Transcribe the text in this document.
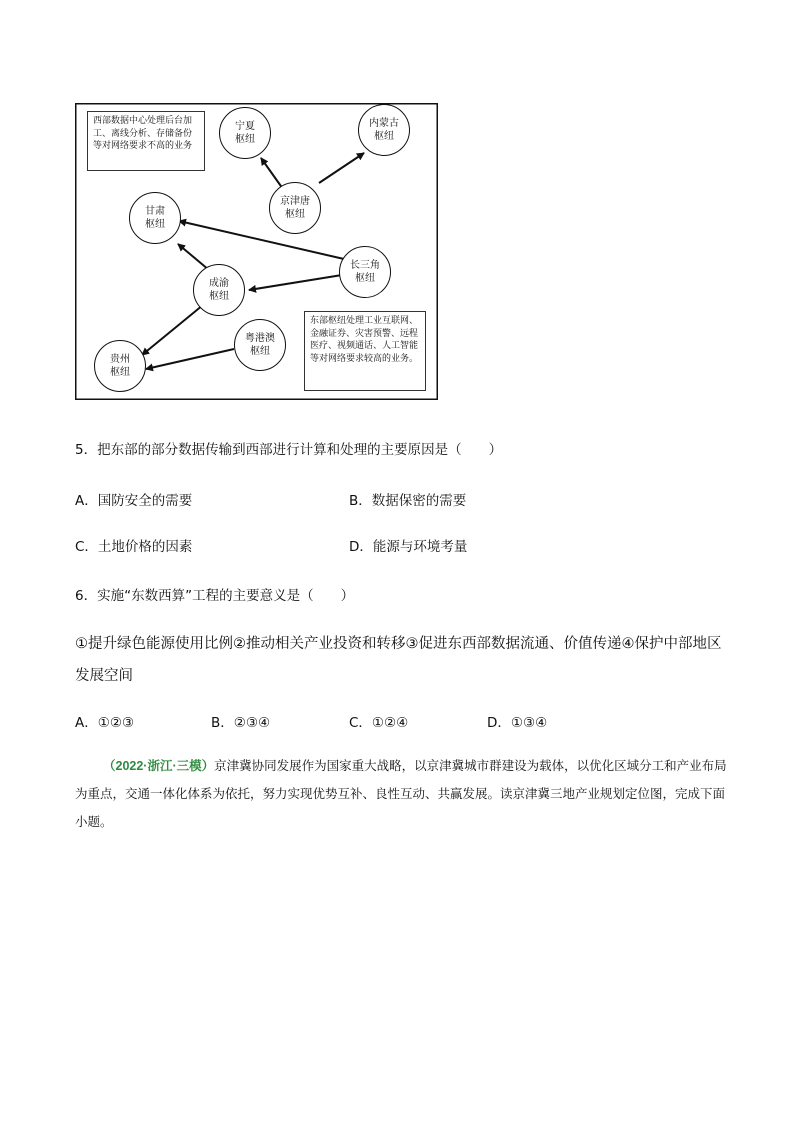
西部数据中心处理后台加工、离线分析、存储备份等对网络要求不高的业务
东部枢纽处理工业互联网、金融证券、灾害预警、远程医疗、视频通话、人工智能等对网络要求较高的业务。
宁夏
枢纽
内蒙古
枢纽
京津唐
枢纽
甘肃
枢纽
长三角
枢纽
成渝
枢纽
粤港澳
枢纽
贵州
枢纽
5．把东部的部分数据传输到西部进行计算和处理的主要原因是（　　）
A．国防安全的需要	B．数据保密的需要
C．土地价格的因素	D．能源与环境考量
6．实施“东数西算”工程的主要意义是（　　）
①提升绿色能源使用比例②推动相关产业投资和转移③促进东西部数据流通、价值传递④保护中部地区发展空间
A．①②③	B．②③④	C．①②④	D．①③④
（2022·浙江·三模）京津冀协同发展作为国家重大战略，以京津冀城市群建设为载体，以优化区域分工和产业布局为重点，交通一体化体系为依托，努力实现优势互补、良性互动、共赢发展。读京津冀三地产业规划定位图，完成下面小题。
